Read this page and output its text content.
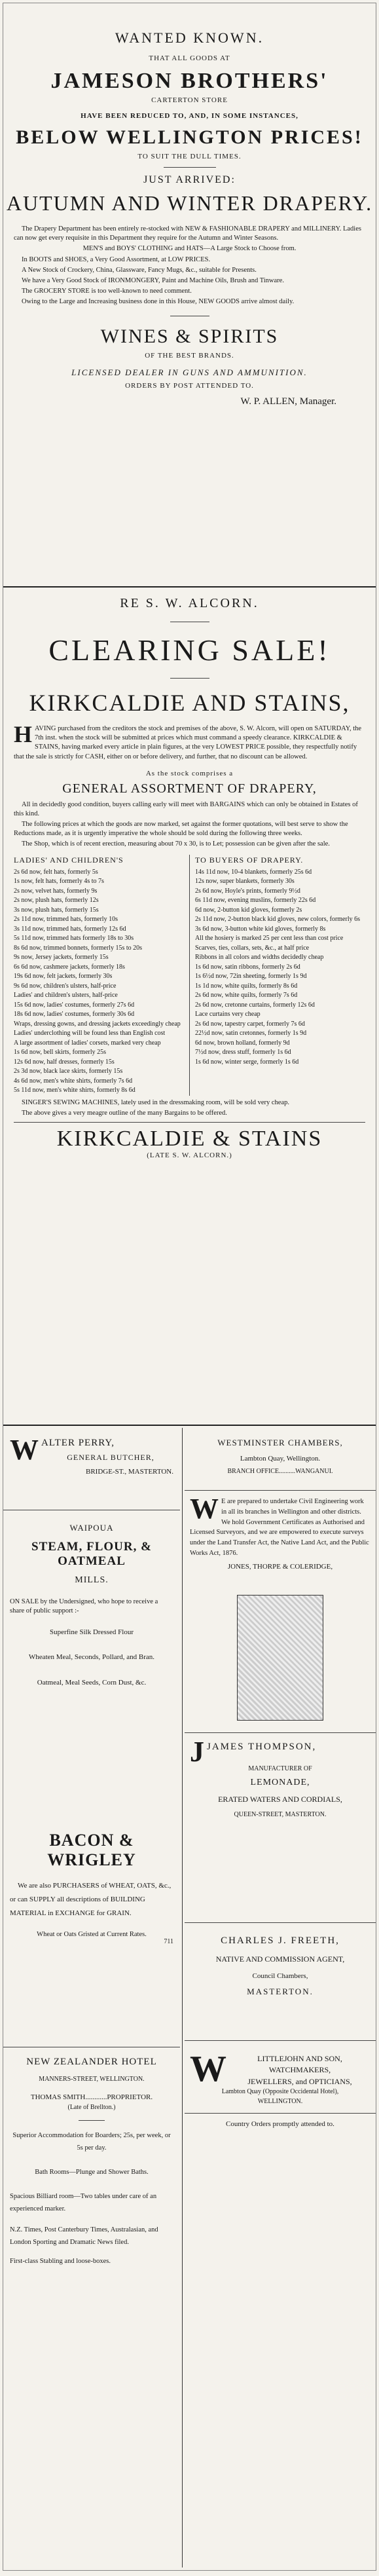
WANTED KNOWN.
THAT ALL GOODS AT
JAMESON BROTHERS'
CARTERTON STORE
HAVE BEEN REDUCED TO, AND, IN SOME INSTANCES,
BELOW WELLINGTON PRICES!
TO SUIT THE DULL TIMES.
JUST ARRIVED:
AUTUMN AND WINTER DRAPERY.

The Drapery Department has been entirely re-stocked with NEW & FASHIONABLE DRAPERY and MILLINERY. Ladies can now get every requisite in this Department they require for the Autumn and Winter Seasons.

MEN'S and BOYS' CLOTHING and HATS—A Large Stock to Choose from.

In BOOTS and SHOES, a Very Good Assortment, at LOW PRICES.

A New Stock of Crockery, China, Glassware, Fancy Mugs, &c., suitable for Presents.

We have a Very Good Stock of IRONMONGERY, Paint and Machine Oils, Brush and Tinware.

The GROCERY STORE is too well-known to need comment.

Owing to the Large and Increasing business done in this House, NEW GOODS arrive almost daily.

WINES & SPIRITS
OF THE BEST BRANDS.
LICENSED DEALER IN GUNS AND AMMUNITION.
ORDERS BY POST ATTENDED TO.
W. P. ALLEN, Manager.
RE S. W. ALCORN.
CLEARING SALE!
KIRKCALDIE AND STAINS,
H AVING purchased from the creditors the stock and premises of the above, S. W. Alcorn, will open on SATURDAY, the 7th inst. when the stock will be submitted at prices which must command a speedy clearance. KIRKCALDIE & STAINS, having marked every article in plain figures, at the very LOWEST PRICE possible, they respectfully notify that the sale is strictly for CASH, either on or before delivery, and further, that no discount can be allowed.
As the stock comprises a
GENERAL ASSORTMENT OF DRAPERY,

All in decidedly good condition, buyers calling early will meet with BARGAINS which can only be obtained in Estates of this kind.

The following prices at which the goods are now marked, set against the former quotations, will best serve to show the Reductions made, as it is urgently imperative the whole should be sold during the following three weeks.

The Shop, which is of recent erection, measuring about 70 x 30, is to Let; possession can be given after the sale.

LADIES' AND CHILDREN'S
2s 6d now, felt hats, formerly 5s
1s now, felt hats, formerly 4s to 7s
2s now, velvet hats, formerly 9s
2s now, plush hats, formerly 12s
3s now, plush hats, formerly 15s
2s 11d now, trimmed hats, formerly 10s
3s 11d now, trimmed hats, formerly 12s 6d
5s 11d now, trimmed hats formerly 18s to 30s
8s 6d now, trimmed bonnets, formerly 15s to 20s
9s now, Jersey jackets, formerly 15s
6s 6d now, cashmere jackets, formerly 18s
19s 6d now, felt jackets, formerly 30s
9s 6d now, children's ulsters, half-price
Ladies' and children's ulsters, half-price
15s 6d now, ladies' costumes, formerly 27s 6d
18s 6d now, ladies' costumes, formerly 30s 6d
Wraps, dressing gowns, and dressing jackets exceedingly cheap
Ladies' underclothing will be found less than English cost
A large assortment of ladies' corsets, marked very cheap
1s 6d now, bell skirts, formerly 25s
12s 6d now, half dresses, formerly 15s
2s 3d now, black lace skirts, formerly 15s
4s 6d now, men's white shirts, formerly 7s 6d
5s 11d now, men's white shirts, formerly 8s 6d
TO BUYERS OF DRAPERY.
14s 11d now, 10-4 blankets, formerly 25s 6d
12s now, super blankets, formerly 30s
2s 6d now, Hoyle's prints, formerly 9½d
6s 11d now, evening muslins, formerly 22s 6d
6d now, 2-button kid gloves, formerly 2s
2s 11d now, 2-button black kid gloves, new colors, formerly 6s
3s 6d now, 3-button white kid gloves, formerly 8s
All the hosiery is marked 25 per cent less than cost price
Scarves, ties, collars, sets, &c., at half price
Ribbons in all colors and widths decidedly cheap
1s 6d now, satin ribbons, formerly 2s 6d
1s 6½d now, 72in sheeting, formerly 1s 9d
1s 1d now, white quilts, formerly 8s 6d
2s 6d now, white quilts, formerly 7s 6d
2s 6d now, cretonne curtains, formerly 12s 6d
Lace curtains very cheap
2s 6d now, tapestry carpet, formerly 7s 6d
22½d now, satin cretonnes, formerly 1s 9d
6d now, brown holland, formerly 9d
7½d now, dress stuff, formerly 1s 6d
1s 6d now, winter serge, formerly 1s 6d

SINGER'S SEWING MACHINES, lately used in the dressmaking room, will be sold very cheap.

The above gives a very meagre outline of the many Bargains to be offered.

KIRKCALDIE & STAINS
(LATE S. W. ALCORN.)
W ALTER PERRY,
GENERAL BUTCHER,
BRIDGE-ST., MASTERTON.
WAIPOUA
STEAM, FLOUR, & OATMEAL
MILLS.
ON SALE by the Undersigned, who hope to receive a share of public support :-
Superfine Silk Dressed Flour
Wheaten Meal, Seconds, Pollard, and Bran.
Oatmeal, Meal Seeds, Corn Dust, &c.
BACON & WRIGLEY
We are also PURCHASERS of WHEAT, OATS, &c., or can SUPPLY all descriptions of BUILDING MATERIAL in EXCHANGE for GRAIN.
Wheat or Oats Gristed at Current Rates.
711
NEW ZEALANDER HOTEL
MANNERS-STREET, WELLINGTON.
THOMAS SMITH............PROPRIETOR.
(Late of Brellton.)
Superior Accommodation for Boarders; 25s, per week, or 5s per day.
Bath Rooms—Plunge and Shower Baths.
Spacious Billiard room—Two tables under care of an experienced marker.
N.Z. Times, Post Canterbury Times, Australasian, and London Sporting and Dramatic News filed.
First-class Stabling and loose-boxes.
WESTMINSTER CHAMBERS,
Lambton Quay, Wellington.
BRANCH OFFICE..........WANGANUI.
W E are prepared to undertake Civil Engineering work in all its branches in Wellington and other districts. We hold Government Certificates as Authorised and Licensed Surveyors, and we are empowered to execute surveys under the Land Transfer Act, the Native Land Act, and the Public Works Act, 1876.
JONES, THORPE & COLERIDGE,
J JAMES THOMPSON,
MANUFACTURER OF
LEMONADE,
ERATED WATERS AND CORDIALS,
QUEEN-STREET, MASTERTON.
CHARLES J. FREETH,
NATIVE AND COMMISSION AGENT,
Council Chambers,
MASTERTON.
W	LITTLEJOHN AND SON,
WATCHMAKERS,
JEWELLERS, and OPTICIANS,
Lambton Quay (Opposite Occidental Hotel),
WELLINGTON.
Country Orders promptly attended to.
